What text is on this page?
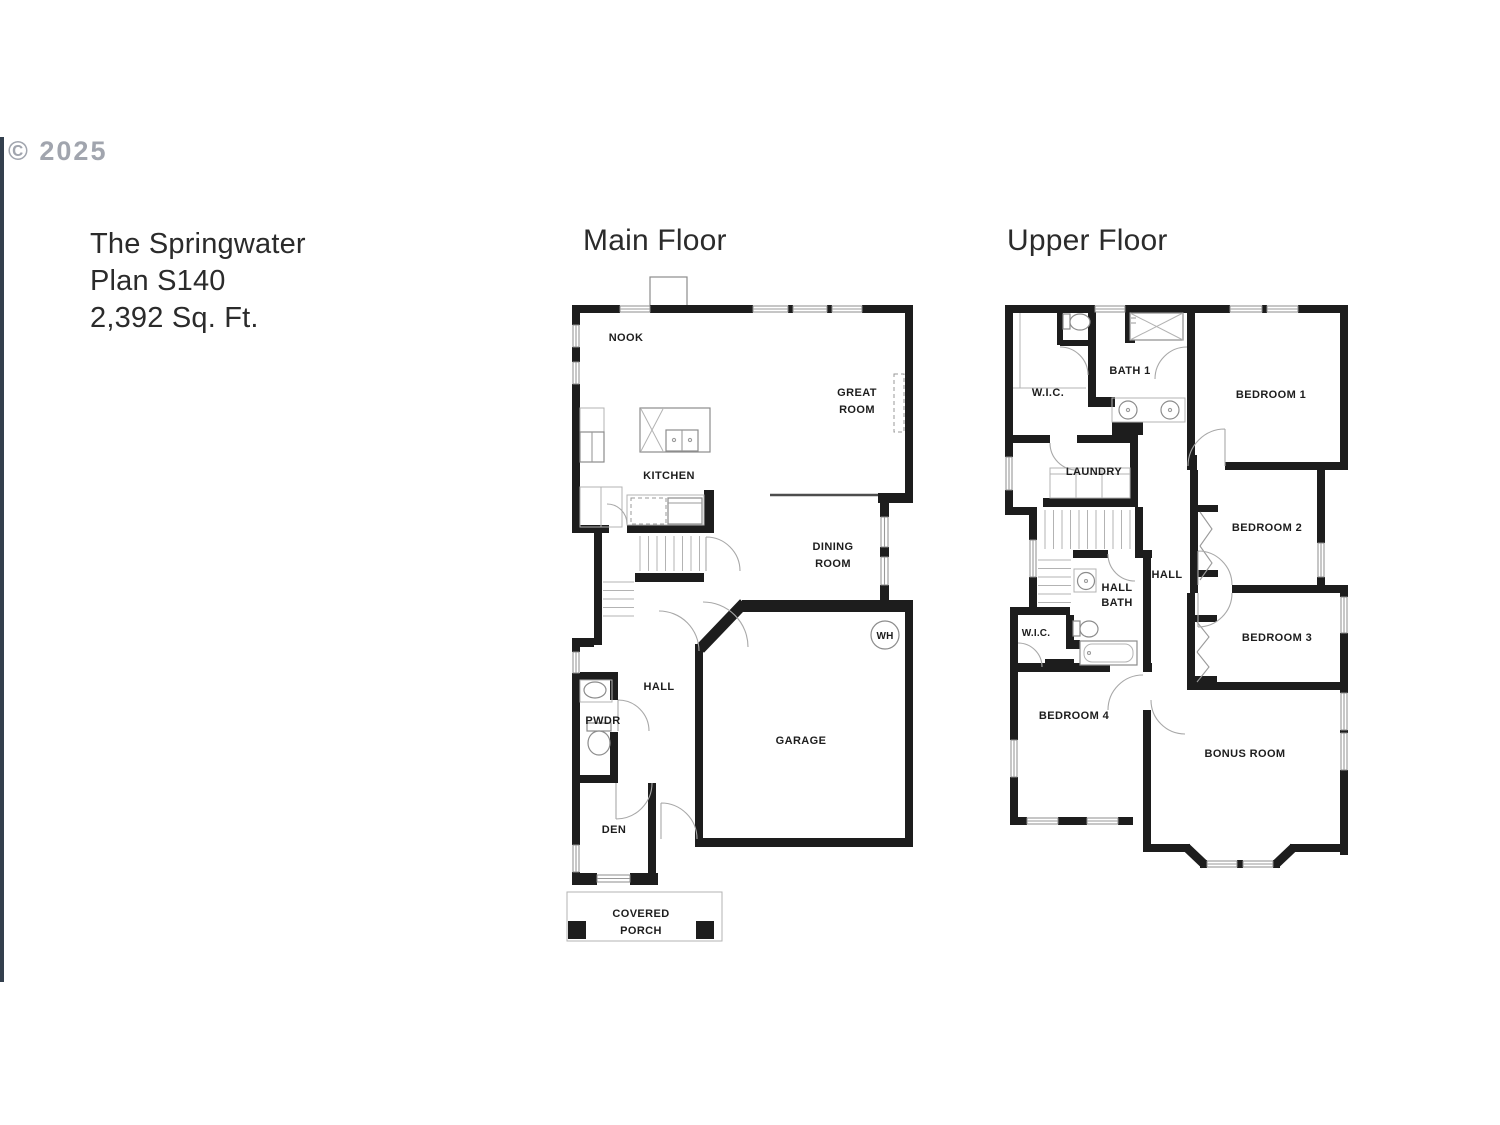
© 2025
The Springwater
Plan S140
2,392 Sq. Ft.
Main Floor	Upper Floor
NOOK
GREAT
ROOM
KITCHEN
DINING
ROOM
HALL
PWDR
GARAGE
WH
DEN
COVERED
PORCH
W.I.C.
BATH 1
BEDROOM 1
LAUNDRY
BEDROOM 2
HALL
HALL
BATH
W.I.C.	BEDROOM 3
BEDROOM 4
BONUS ROOM
